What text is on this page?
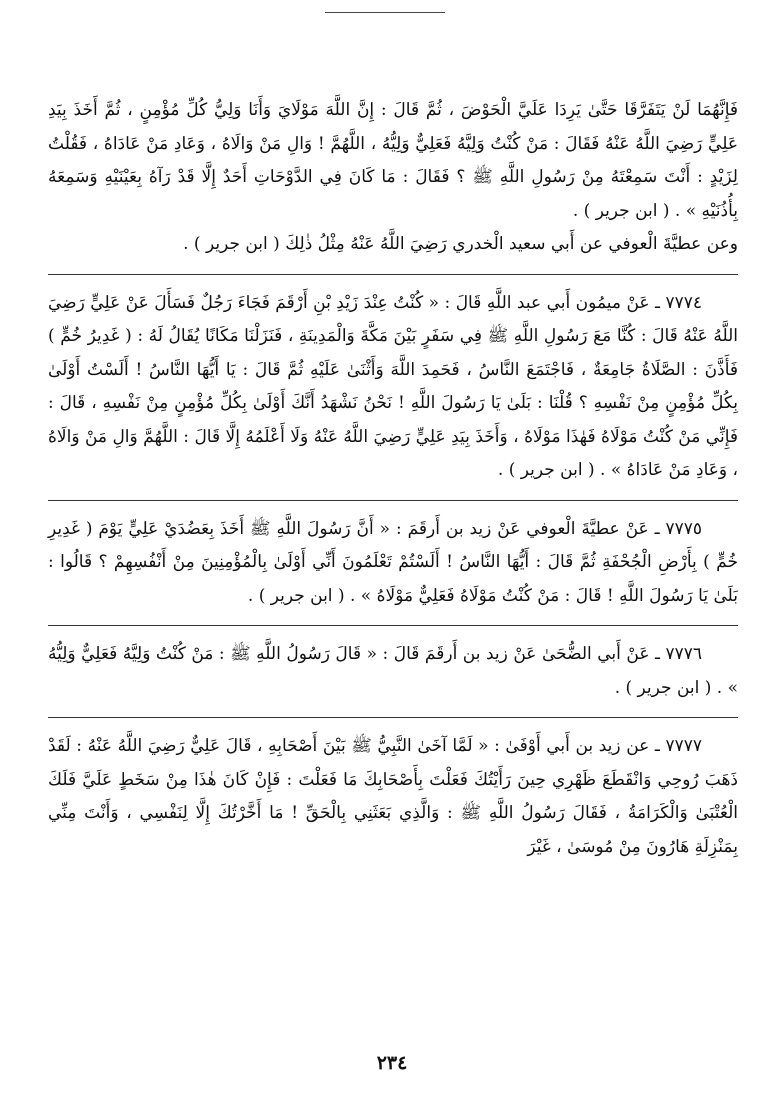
فَإِنَّهُمَا لَنْ يَتَفَرَّقَا حَتَّىٰ يَرِدَا عَلَيَّ الْحَوْضَ ، ثُمَّ قَالَ : إِنَّ اللَّهَ مَوْلَايَ وَأَنَا وَلِيُّ كُلِّ مُؤْمِنٍ ، ثُمَّ أَخَذَ بِيَدِ عَلِيٍّ رَضِيَ اللَّهُ عَنْهُ فَقَالَ : مَنْ كُنْتُ وَلِيَّهُ فَعَلِيٌّ وَلِيُّهُ ، اللَّهُمَّ ! وَالِ مَنْ وَالَاهُ ، وَعَادِ مَنْ عَادَاهُ ، فَقُلْتُ لِزَيْدٍ : أَنْتَ سَمِعْتَهُ مِنْ رَسُولِ اللَّهِ ﷺ ؟ فَقَالَ : مَا كَانَ فِي الدَّوْحَاتِ أَحَدٌ إِلَّا قَدْ رَآهُ بِعَيْنَيْهِ وَسَمِعَهُ بِأُذُنَيْهِ » . ( ابن جرير ) .

وعن عطيَّةَ الْعوفي عن أَبي سعيد الْخدري رَضِيَ اللَّهُ عَنْهُ مِثْلُ ذٰلِكَ ( ابن جرير ) .

٧٧٧٤ ـ عَنْ ميمُون أَبي عبد اللَّهِ قَالَ : « كُنْتُ عِنْدَ زَيْدِ بْنِ أَرْقَمَ فَجَاءَ رَجُلٌ فَسَأَلَ عَنْ عَلِيٍّ رَضِيَ اللَّهُ عَنْهُ قَالَ : كُنَّا مَعَ رَسُولِ اللَّهِ ﷺ فِي سَفَرٍ بَيْنَ مَكَّةَ وَالْمَدِينَةِ ، فَنَزَلْنَا مَكَانًا يُقَالُ لَهُ : ( غَدِيرُ خُمٍّ ) فَأَذَّنَ : الصَّلَاةُ جَامِعَةٌ ، فَاجْتَمَعَ النَّاسُ ، فَحَمِدَ اللَّهَ وَأَثْنَىٰ عَلَيْهِ ثُمَّ قَالَ : يَا أَيُّهَا النَّاسُ ! أَلَسْتُ أَوْلَىٰ بِكُلِّ مُؤْمِنٍ مِنْ نَفْسِهِ ؟ قُلْنَا : بَلَىٰ يَا رَسُولَ اللَّهِ ! نَحْنُ نَشْهَدُ أَنَّكَ أَوْلَىٰ بِكُلِّ مُؤْمِنٍ مِنْ نَفْسِهِ ، قَالَ : فَإِنِّي مَنْ كُنْتُ مَوْلَاهُ فَهٰذَا مَوْلَاهُ ، وَأَخَذَ بِيَدِ عَلِيٍّ رَضِيَ اللَّهُ عَنْهُ وَلَا أَعْلَمُهُ إِلَّا قَالَ : اللَّهُمَّ وَالِ مَنْ وَالَاهُ ، وَعَادِ مَنْ عَادَاهُ » . ( ابن جرير ) .

٧٧٧٥ ـ عَنْ عطيَّةَ الْعوفي عَنْ زيد بن أَرقَمَ : « أَنَّ رَسُولَ اللَّهِ ﷺ أَخَذَ بِعَضُدَيْ عَلِيٍّ يَوْمَ ( غَدِيرِ خُمٍّ ) بِأَرْضِ الْجُحْفَةِ ثُمَّ قَالَ : أَيُّهَا النَّاسُ ! أَلَسْتُمْ تَعْلَمُونَ أَنِّي أَوْلَىٰ بِالْمُؤْمِنِينَ مِنْ أَنْفُسِهِمْ ؟ قَالُوا : بَلَىٰ يَا رَسُولَ اللَّهِ ! قَالَ : مَنْ كُنْتُ مَوْلَاهُ فَعَلِيٌّ مَوْلَاهُ » . ( ابن جرير ) .

٧٧٧٦ ـ عَنْ أَبي الضُّحَىٰ عَنْ زيد بن أَرقَمَ قَالَ : « قَالَ رَسُولُ اللَّهِ ﷺ : مَنْ كُنْتُ وَلِيَّهُ فَعَلِيٌّ وَلِيُّهُ » . ( ابن جرير ) .

٧٧٧٧ ـ عن زيد بن أَبي أَوْفَىٰ : « لَمَّا آخَىٰ النَّبِيُّ ﷺ بَيْنَ أَصْحَابِهِ ، قَالَ عَلِيٌّ رَضِيَ اللَّهُ عَنْهُ : لَقَدْ ذَهَبَ رُوحِي وَانْقَطَعَ ظَهْرِي حِينَ رَأَيْتُكَ فَعَلْتَ بِأَصْحَابِكَ مَا فَعَلْتَ : فَإِنْ كَانَ هٰذَا مِنْ سَخَطٍ عَلَيَّ فَلَكَ الْعُتْبَىٰ وَالْكَرَامَةُ ، فَقَالَ رَسُولُ اللَّهِ ﷺ : وَالَّذِي بَعَثَنِي بِالْحَقِّ ! مَا أَخَّرْتُكَ إِلَّا لِنَفْسِي ، وَأَنْتَ مِنِّي بِمَنْزِلَةِ هَارُونَ مِنْ مُوسَىٰ ، غَيْرَ

٢٣٤
